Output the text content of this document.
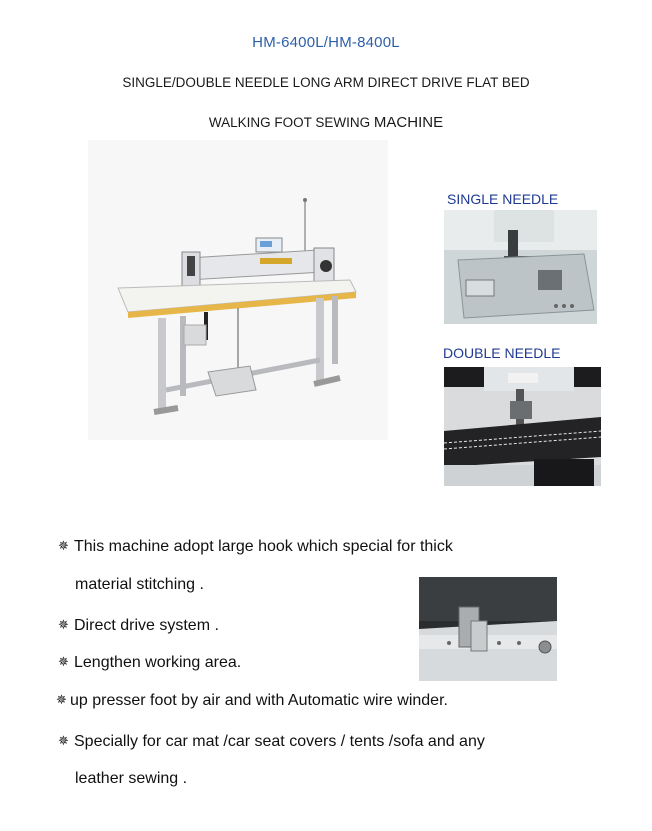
HM-6400L/HM-8400L
SINGLE/DOUBLE NEEDLE LONG ARM DIRECT DRIVE FLAT BED
WALKING FOOT SEWING MACHINE
SINGLE NEEDLE
DOUBLE NEEDLE
✵ This machine adopt large hook which special for thick
material stitching .
✵ Direct drive system .
✵ Lengthen working area.
✵ up presser foot by air and with Automatic wire winder.
✵ Specially for car mat /car seat covers / tents /sofa and any
leather sewing .
